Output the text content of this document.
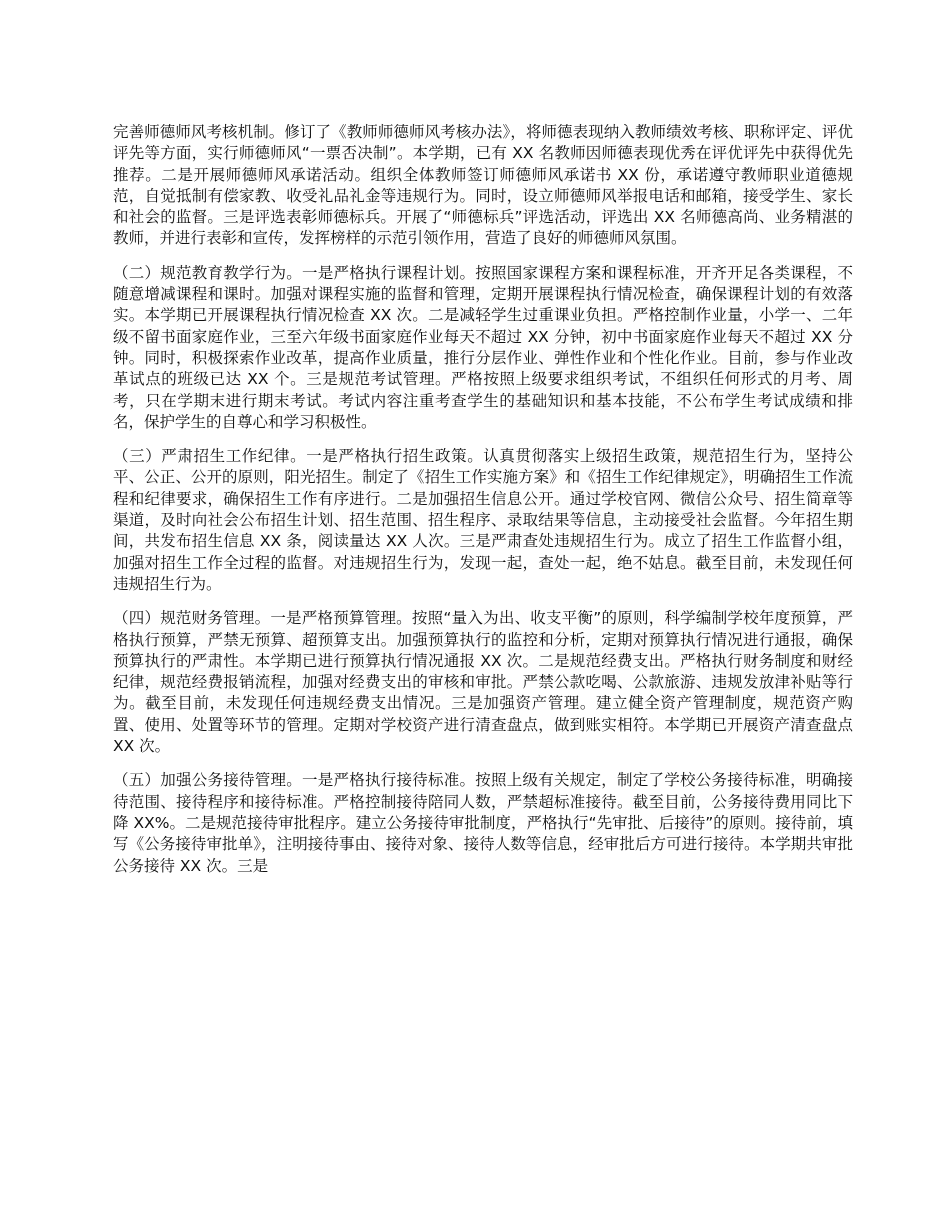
完善师德师风考核机制。修订了《教师师德师风考核办法》，将师德表现纳入教师绩效考核、职称评定、评优评先等方面，实行师德师风“一票否决制”。本学期，已有 XX 名教师因师德表现优秀在评优评先中获得优先推荐。二是开展师德师风承诺活动。组织全体教师签订师德师风承诺书 XX 份，承诺遵守教师职业道德规范，自觉抵制有偿家教、收受礼品礼金等违规行为。同时，设立师德师风举报电话和邮箱，接受学生、家长和社会的监督。三是评选表彰师德标兵。开展了“师德标兵”评选活动，评选出 XX 名师德高尚、业务精湛的教师，并进行表彰和宣传，发挥榜样的示范引领作用，营造了良好的师德师风氛围。

（二）规范教育教学行为。一是严格执行课程计划。按照国家课程方案和课程标准，开齐开足各类课程，不随意增减课程和课时。加强对课程实施的监督和管理，定期开展课程执行情况检查，确保课程计划的有效落实。本学期已开展课程执行情况检查 XX 次。二是减轻学生过重课业负担。严格控制作业量，小学一、二年级不留书面家庭作业，三至六年级书面家庭作业每天不超过 XX 分钟，初中书面家庭作业每天不超过 XX 分钟。同时，积极探索作业改革，提高作业质量，推行分层作业、弹性作业和个性化作业。目前，参与作业改革试点的班级已达 XX 个。三是规范考试管理。严格按照上级要求组织考试，不组织任何形式的月考、周考，只在学期末进行期末考试。考试内容注重考查学生的基础知识和基本技能，不公布学生考试成绩和排名，保护学生的自尊心和学习积极性。

（三）严肃招生工作纪律。一是严格执行招生政策。认真贯彻落实上级招生政策，规范招生行为，坚持公平、公正、公开的原则，阳光招生。制定了《招生工作实施方案》和《招生工作纪律规定》，明确招生工作流程和纪律要求，确保招生工作有序进行。二是加强招生信息公开。通过学校官网、微信公众号、招生简章等渠道，及时向社会公布招生计划、招生范围、招生程序、录取结果等信息，主动接受社会监督。今年招生期间，共发布招生信息 XX 条，阅读量达 XX 人次。三是严肃查处违规招生行为。成立了招生工作监督小组，加强对招生工作全过程的监督。对违规招生行为，发现一起，查处一起，绝不姑息。截至目前，未发现任何违规招生行为。

（四）规范财务管理。一是严格预算管理。按照“量入为出、收支平衡”的原则，科学编制学校年度预算，严格执行预算，严禁无预算、超预算支出。加强预算执行的监控和分析，定期对预算执行情况进行通报，确保预算执行的严肃性。本学期已进行预算执行情况通报 XX 次。二是规范经费支出。严格执行财务制度和财经纪律，规范经费报销流程，加强对经费支出的审核和审批。严禁公款吃喝、公款旅游、违规发放津补贴等行为。截至目前，未发现任何违规经费支出情况。三是加强资产管理。建立健全资产管理制度，规范资产购置、使用、处置等环节的管理。定期对学校资产进行清查盘点，做到账实相符。本学期已开展资产清查盘点 XX 次。

（五）加强公务接待管理。一是严格执行接待标准。按照上级有关规定，制定了学校公务接待标准，明确接待范围、接待程序和接待标准。严格控制接待陪同人数，严禁超标准接待。截至目前，公务接待费用同比下降 XX%。二是规范接待审批程序。建立公务接待审批制度，严格执行“先审批、后接待”的原则。接待前，填写《公务接待审批单》，注明接待事由、接待对象、接待人数等信息，经审批后方可进行接待。本学期共审批公务接待 XX 次。三是
